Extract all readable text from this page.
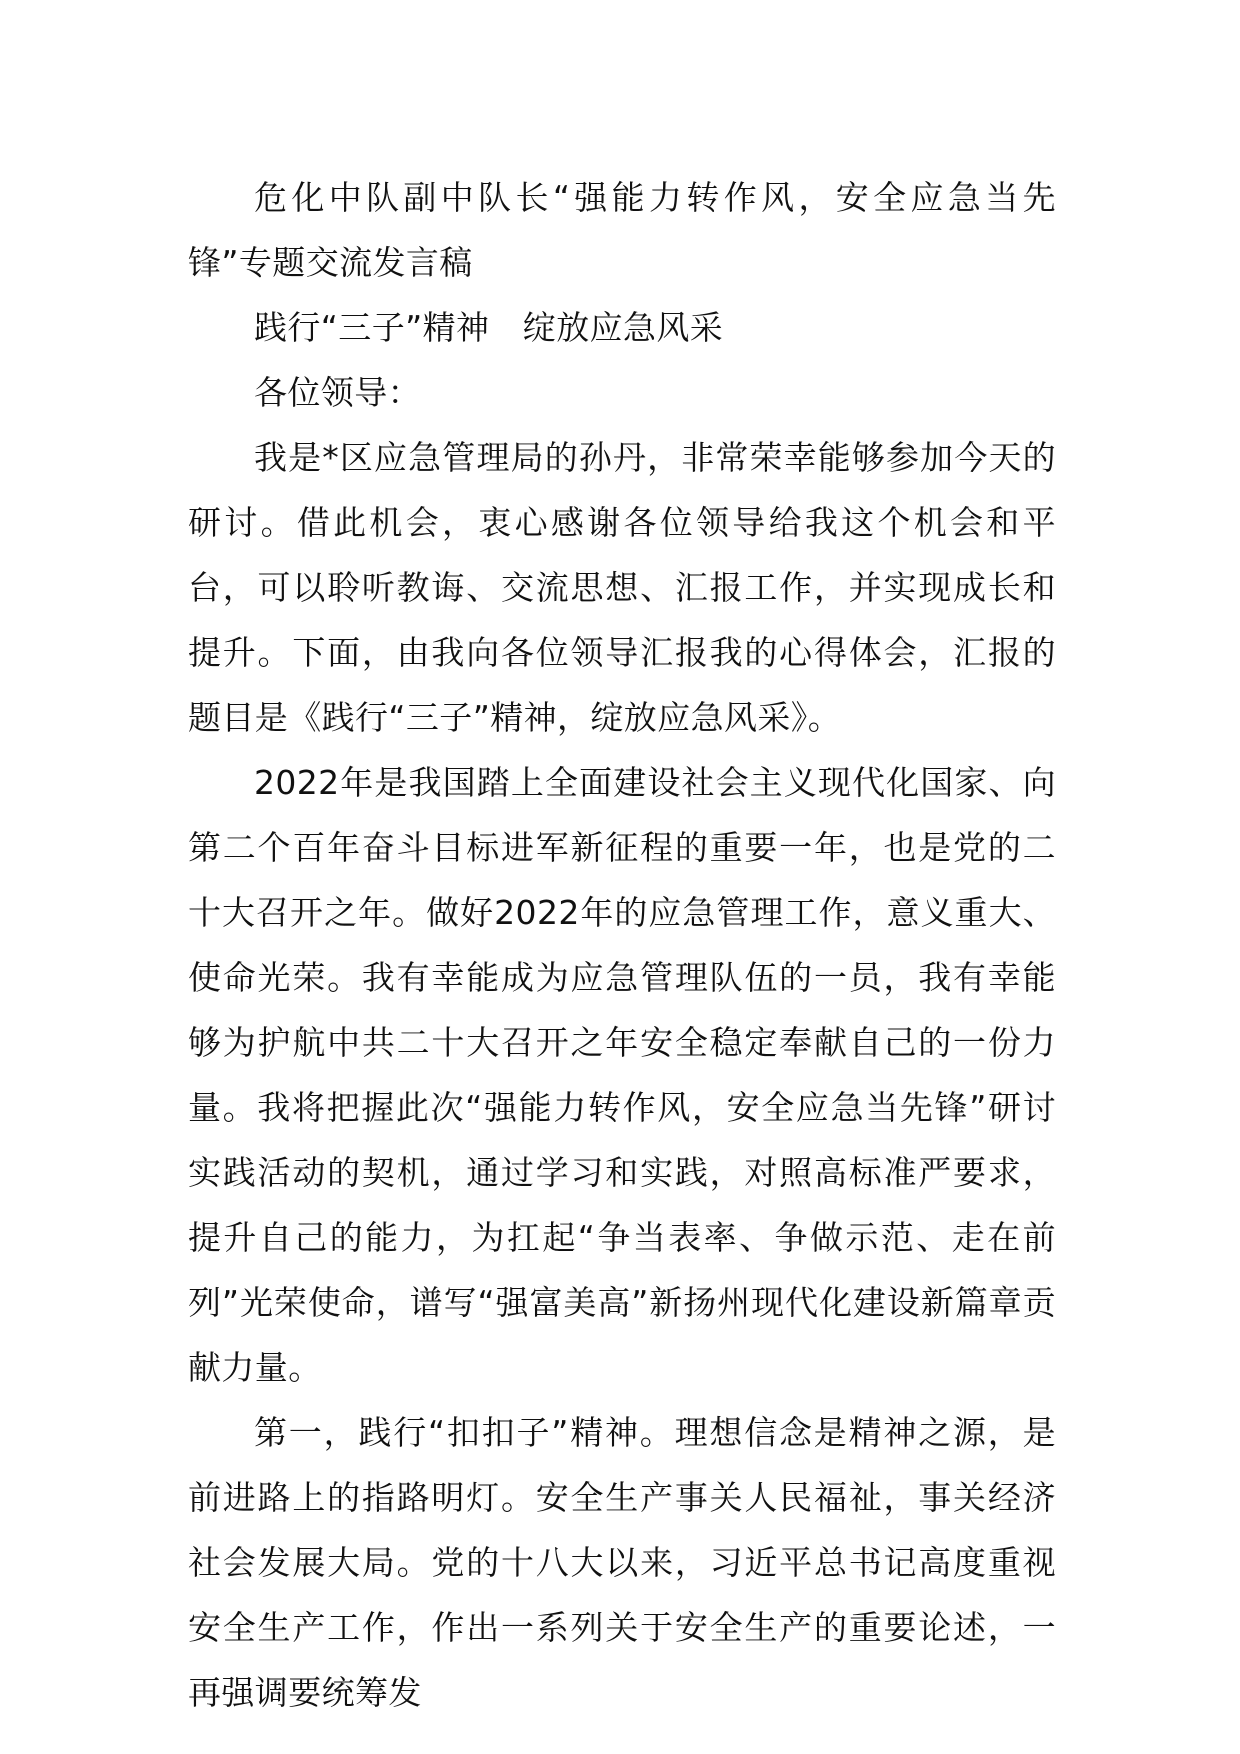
危化中队副中队长“强能力转作风，安全应急当先锋”专题交流发言稿

践行“三子”精神　绽放应急风采

各位领导：

我是*区应急管理局的孙丹，非常荣幸能够参加今天的研讨。借此机会，衷心感谢各位领导给我这个机会和平台，可以聆听教诲、交流思想、汇报工作，并实现成长和提升。下面，由我向各位领导汇报我的心得体会，汇报的题目是《践行“三子”精神，绽放应急风采》。

2022年是我国踏上全面建设社会主义现代化国家、向第二个百年奋斗目标进军新征程的重要一年，也是党的二十大召开之年。做好2022年的应急管理工作，意义重大、使命光荣。我有幸能成为应急管理队伍的一员，我有幸能够为护航中共二十大召开之年安全稳定奉献自己的一份力量。我将把握此次“强能力转作风，安全应急当先锋”研讨实践活动的契机，通过学习和实践，对照高标准严要求，提升自己的能力，为扛起“争当表率、争做示范、走在前列”光荣使命，谱写“强富美高”新扬州现代化建设新篇章贡献力量。

第一，践行“扣扣子”精神。理想信念是精神之源，是前进路上的指路明灯。安全生产事关人民福祉，事关经济社会发展大局。党的十八大以来，习近平总书记高度重视安全生产工作，作出一系列关于安全生产的重要论述，一再强调要统筹发
